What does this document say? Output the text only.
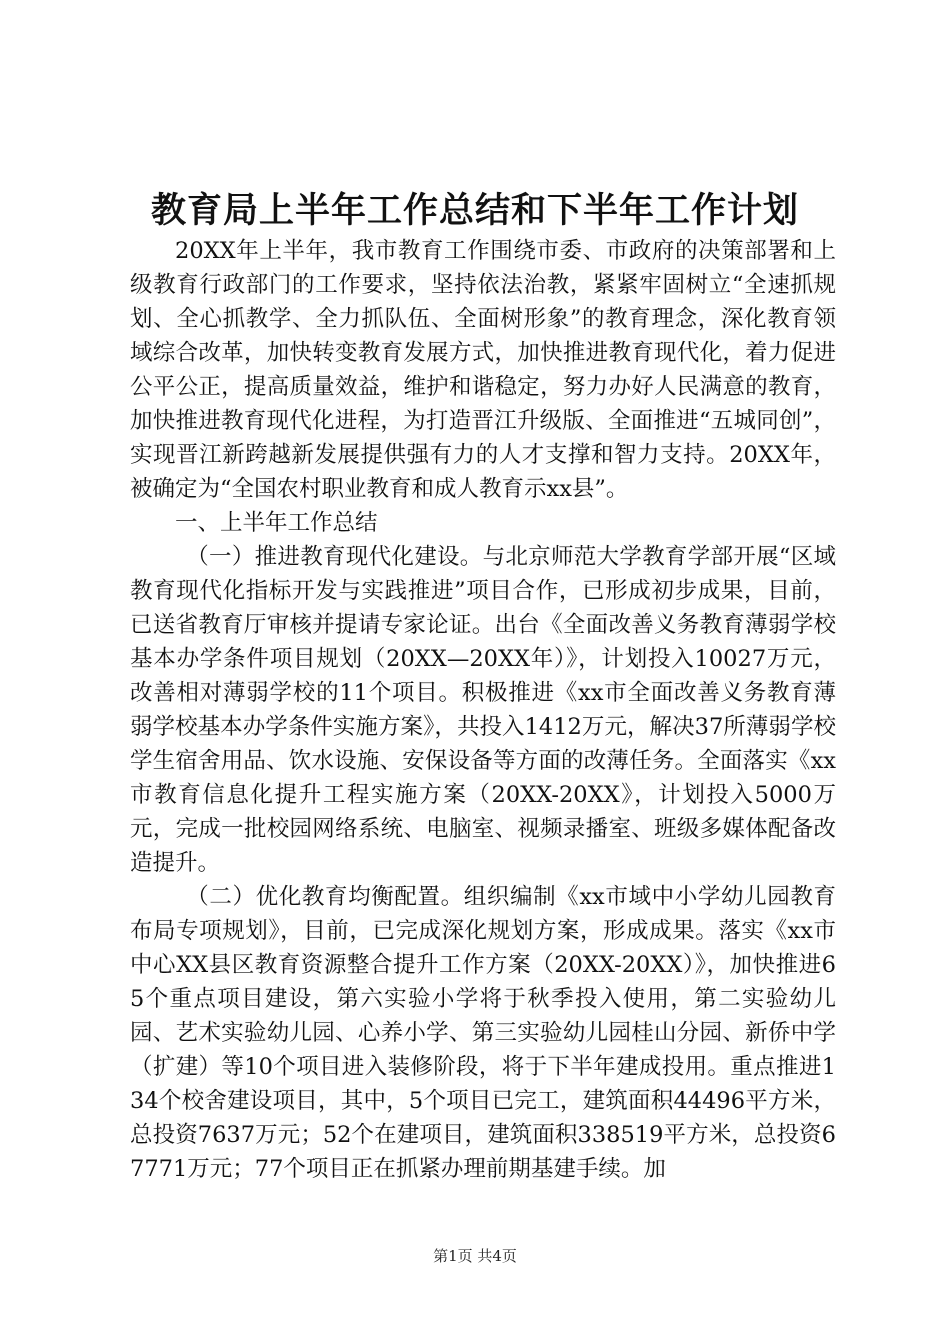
教育局上半年工作总结和下半年工作计划

20XX年上半年，我市教育工作围绕市委、市政府的决策部署和上级教育行政部门的工作要求，坚持依法治教，紧紧牢固树立“全速抓规划、全心抓教学、全力抓队伍、全面树形象”的教育理念，深化教育领域综合改革，加快转变教育发展方式，加快推进教育现代化，着力促进公平公正，提高质量效益，维护和谐稳定，努力办好人民满意的教育，加快推进教育现代化进程，为打造晋江升级版、全面推进“五城同创”，实现晋江新跨越新发展提供强有力的人才支撑和智力支持。20XX年，被确定为“全国农村职业教育和成人教育示xx县”。

一、上半年工作总结

（一）推进教育现代化建设。与北京师范大学教育学部开展“区域教育现代化指标开发与实践推进”项目合作，已形成初步成果，目前，已送省教育厅审核并提请专家论证。出台《全面改善义务教育薄弱学校基本办学条件项目规划（20XX—20XX年）》，计划投入10027万元，改善相对薄弱学校的11个项目。积极推进《xx市全面改善义务教育薄弱学校基本办学条件实施方案》，共投入1412万元，解决37所薄弱学校学生宿舍用品、饮水设施、安保设备等方面的改薄任务。全面落实《xx市教育信息化提升工程实施方案（20XX-20XX》，计划投入5000万元，完成一批校园网络系统、电脑室、视频录播室、班级多媒体配备改造提升。

（二）优化教育均衡配置。组织编制《xx市域中小学幼儿园教育布局专项规划》，目前，已完成深化规划方案，形成成果。落实《xx市中心XX县区教育资源整合提升工作方案（20XX-20XX）》，加快推进65个重点项目建设，第六实验小学将于秋季投入使用，第二实验幼儿园、艺术实验幼儿园、心养小学、第三实验幼儿园桂山分园、新侨中学（扩建）等10个项目进入装修阶段，将于下半年建成投用。重点推进134个校舍建设项目，其中，5个项目已完工，建筑面积44496平方米，总投资7637万元；52个在建项目，建筑面积338519平方米，总投资67771万元；77个项目正在抓紧办理前期基建手续。加

第1页 共4页
